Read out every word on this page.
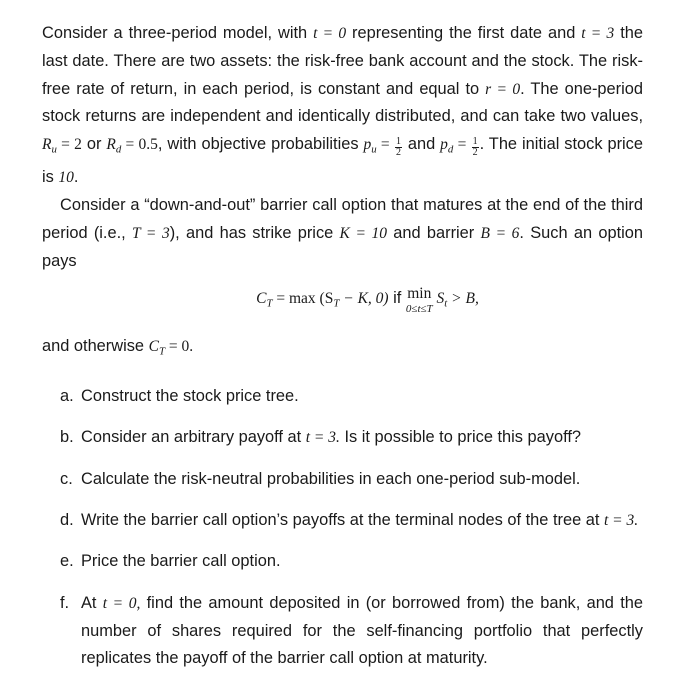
Consider a three-period model, with t = 0 representing the first date and t = 3 the last date. There are two assets: the risk-free bank account and the stock. The risk-free rate of return, in each period, is constant and equal to r = 0. The one-period stock returns are independent and identically distributed, and can take two values, $R_u = 2$ or $R_d = 0.5$, with objective probabilities $p_u = \frac{1}{2}$ and $p_d = \frac{1}{2}$ . The initial stock price is 10.

Consider a “down-and-out” barrier call option that matures at the end of the third period (i.e., T = 3), and has strike price K = 10 and barrier B = 6. Such an option pays

$C_T = \max (S_T - K$, 0) if min
0≤t≤T
$S_t > B$,

and otherwise $C_T = 0$.

a. Construct the stock price tree.
b. Consider an arbitrary payoff at t = 3. Is it possible to price this payoff?
c. Calculate the risk-neutral probabilities in each one-period sub-model.
d. Write the barrier call option’s payoffs at the terminal nodes of the tree at t = 3.
e. Price the barrier call option.
f. At t = 0, find the amount deposited in (or borrowed from) the bank, and the number of shares required for the self-financing portfolio that perfectly replicates the payoff of the barrier call option at maturity.
